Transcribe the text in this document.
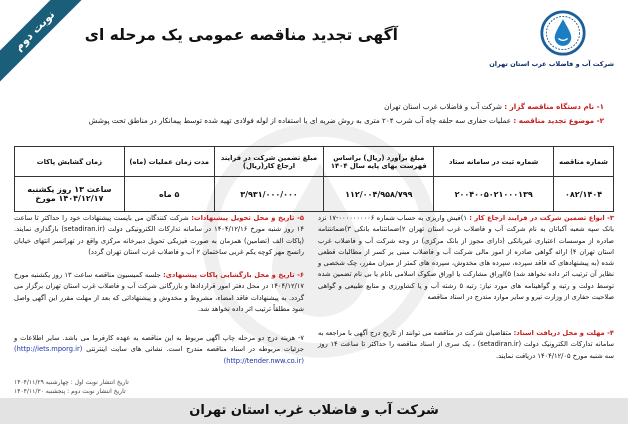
نوبت دوم
شرکت آب و فاضلاب غرب استان تهران
آگهی تجدید مناقصه عمومی یک مرحله ای
۱- نام دستگاه مناقصه گزار : شرکت آب و فاضلاب غرب استان تهران
۲- موضوع تجدید مناقصه : عملیات حفاری سه حلقه چاه آب شرب ۲۰۴ متری به روش ضربه ای با استفاده از لوله فولادی تهیه شده توسط پیمانکار در مناطق تحت پوشش
شماره مناقصه	شماره ثبت در سامانه ستاد	مبلغ برآورد (ریال) براساس فهرست بهای پایه سال ۱۴۰۴	مبلغ تضمین شرکت در فرایند ارجاع کار(ریال)	مدت زمان عملیات (ماه)	زمان گشایش پاکات
۰۸۲/۱۴۰۴	۲۰۰۴۰۰۵۰۲۱۰۰۰۱۳۹	۱۱۲/۰۰۴/۹۵۸/۷۹۹	۳/۹۳۱/۰۰۰/۰۰۰	۵ ماه	ساعت ۱۳ روز یکشنبه ۱۴۰۴/۱۲/۱۷ مورخ
۳- انواع تضمین شرکت در فرایند ارجاع کار : ۱)فیش واریزی به حساب شماره ۰۰۰۰۰۰۰۰۰۶-۱۷ نزد بانک سپه شعبه آکباتان به نام شرکت آب و فاضلاب غرب استان تهران ۲)ضمانتنامه بانکی ۳)ضمانتنامه صادره از موسسات اعتباری غیربانکی (دارای مجوز از بانک مرکزی) در وجه شرکت آب و فاضلاب غرب استان تهران ۴) ارائه گواهی صادره از امور مالی شرکت آب و فاضلاب مبنی بر کسر از مطالبات قطعی شده (به پیشنهادهای که فاقد سپرده، سپرده های مخدوش، سپرده های کمتر از میزان مقرر، چک شخصی و نظایر آن ترتیب اثر داده نخواهد شد) ۵)اوراق مشارکت یا اوراق صکوک اسلامی بانام یا بی نام تضمین شده توسط دولت و رتبه و گواهینامه های مورد نیاز: رتبه ۵ رشته آب و یا کشاورزی و منابع طبیعی و گواهی صلاحیت حفاری از وزارت نیرو و سایر موارد مندرج در اسناد مناقصه
۴- مهلت و محل دریافت اسناد: متقاضیان شرکت در مناقصه می توانند از تاریخ درج آگهی با مراجعه به سامانه تدارکات الکترونیک دولت (setadiran.ir) ، یک سری از اسناد مناقصه را حداکثر تا ساعت ۱۴ روز سه شنبه مورخ ۱۴۰۴/۱۲/۰۵ دریافت نمایند.
۵- تاریخ و محل تحویل پیشنهادات: شرکت کنندگان می بایست پیشنهادات خود را حداکثر تا ساعت ۱۴ روز شنبه مورخ ۱۴۰۴/۱۲/۱۶ در سامانه تدارکات الکترونیکی دولت (setadiran.ir) بارگذاری نمایند. (پاکات الف (تضامین) همزمان به صورت فیزیکی تحویل دبیرخانه مرکزی واقع در تهرانسر انتهای خیابان رانسج مهر کوچه یکم غربی ساختمان ۲ آب و فاضلاب غرب استان تهران گردد)
۶- تاریخ و محل بازگشایی پاکات پیشنهادی: جلسه کمیسیون مناقصه ساعت ۱۳ روز یکشنبه مورخ ۱۴۰۴/۱۲/۱۷ در محل دفتر امور قراردادها و بازرگانی شرکت آب و فاضلاب غرب استان تهران برگزار می گردد. به پیشنهادات فاقد امضاء، مشروط و مخدوش و پیشنهاداتی که بعد از مهلت مقرر این آگهی واصل شود مطلقاً ترتیب اثر داده نخواهد شد.
۷- هزینه درج دو مرحله چاپ آگهی مربوط به این مناقصه به عهده کارفرما می باشد. سایر اطلاعات و جزئیات مربوطه در اسناد مناقصه مندرج است. نشانی های سایت اینترنتی (http://iets.mporg.ir) (http://tender.nww.co.ir)
تاریخ انتشار نوبت اول : چهارشنبه ۱۴۰۴/۱۱/۲۹
تاریخ انتشار نوبت دوم : پنجشنبه ۱۴۰۴/۱۱/۳۰
شرکت آب و فاضلاب غرب استان تهران
